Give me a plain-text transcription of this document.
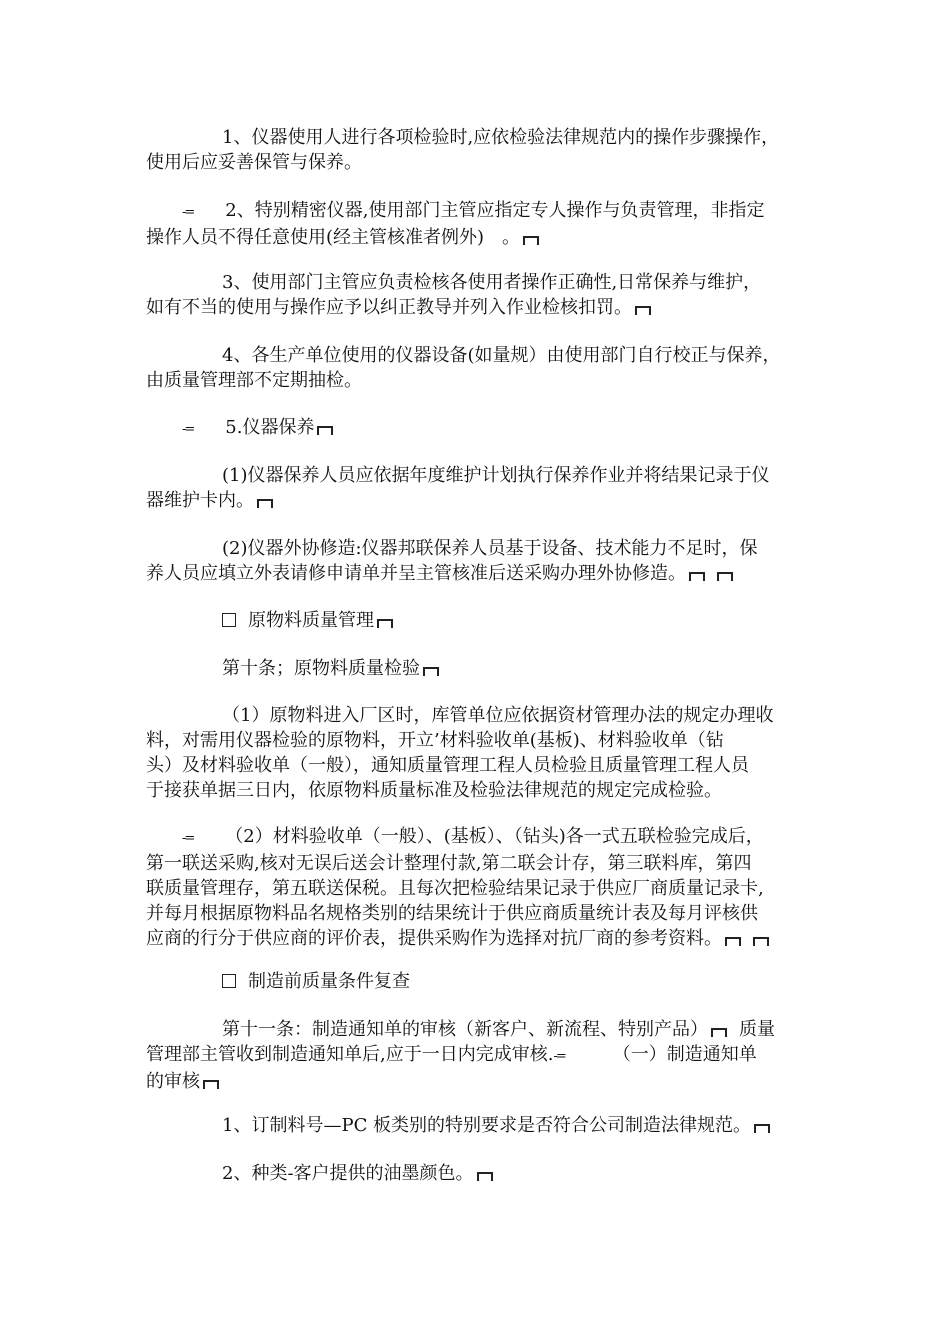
1、仪器使用人进行各项检验时,应依检验法律规范内的操作步骤操作，
使用后应妥善保管与保养。
-= 2、特别精密仪器,使用部门主管应指定专人操作与负责管理，非指定
操作人员不得任意使用(经主管核准者例外) 。
3、使用部门主管应负责检核各使用者操作正确性,日常保养与维护，
如有不当的使用与操作应予以纠正教导并列入作业检核扣罚。
4、各生产单位使用的仪器设备(如量规）由使用部门自行校正与保养，
由质量管理部不定期抽检。
-= 5.仪器保养
(1)仪器保养人员应依据年度维护计划执行保养作业并将结果记录于仪
器维护卡内。
(2)仪器外协修造:仪器邦联保养人员基于设备、技术能力不足时，保
养人员应填立外表请修申请单并呈主管核准后送采购办理外协修造。
原物料质量管理
第十条；原物料质量检验
（1）原物料进入厂区时，库管单位应依据资材管理办法的规定办理收
料，对需用仪器检验的原物料，开立’材料验收单(基板)、材料验收单（钻
头）及材料验收单（一般），通知质量管理工程人员检验且质量管理工程人员
于接获单据三日内，依原物料质量标准及检验法律规范的规定完成检验。
-= （2）材料验收单（一般）、(基板）、（钻头)各一式五联检验完成后，
第一联送采购,核对无误后送会计整理付款,第二联会计存，第三联料库，第四
联质量管理存，第五联送保税。且每次把检验结果记录于供应厂商质量记录卡,
并每月根据原物料品名规格类别的结果统计于供应商质量统计表及每月评核供
应商的行分于供应商的评价表，提供采购作为选择对抗厂商的参考资料。
制造前质量条件复查
第十一条：制造通知单的审核（新客户、新流程、特别产品） 质量
管理部主管收到制造通知单后,应于一日内完成审核.-=	（一）制造通知单
的审核
1、订制料号—PC 板类别的特别要求是否符合公司制造法律规范。
2、种类-客户提供的油墨颜色。
